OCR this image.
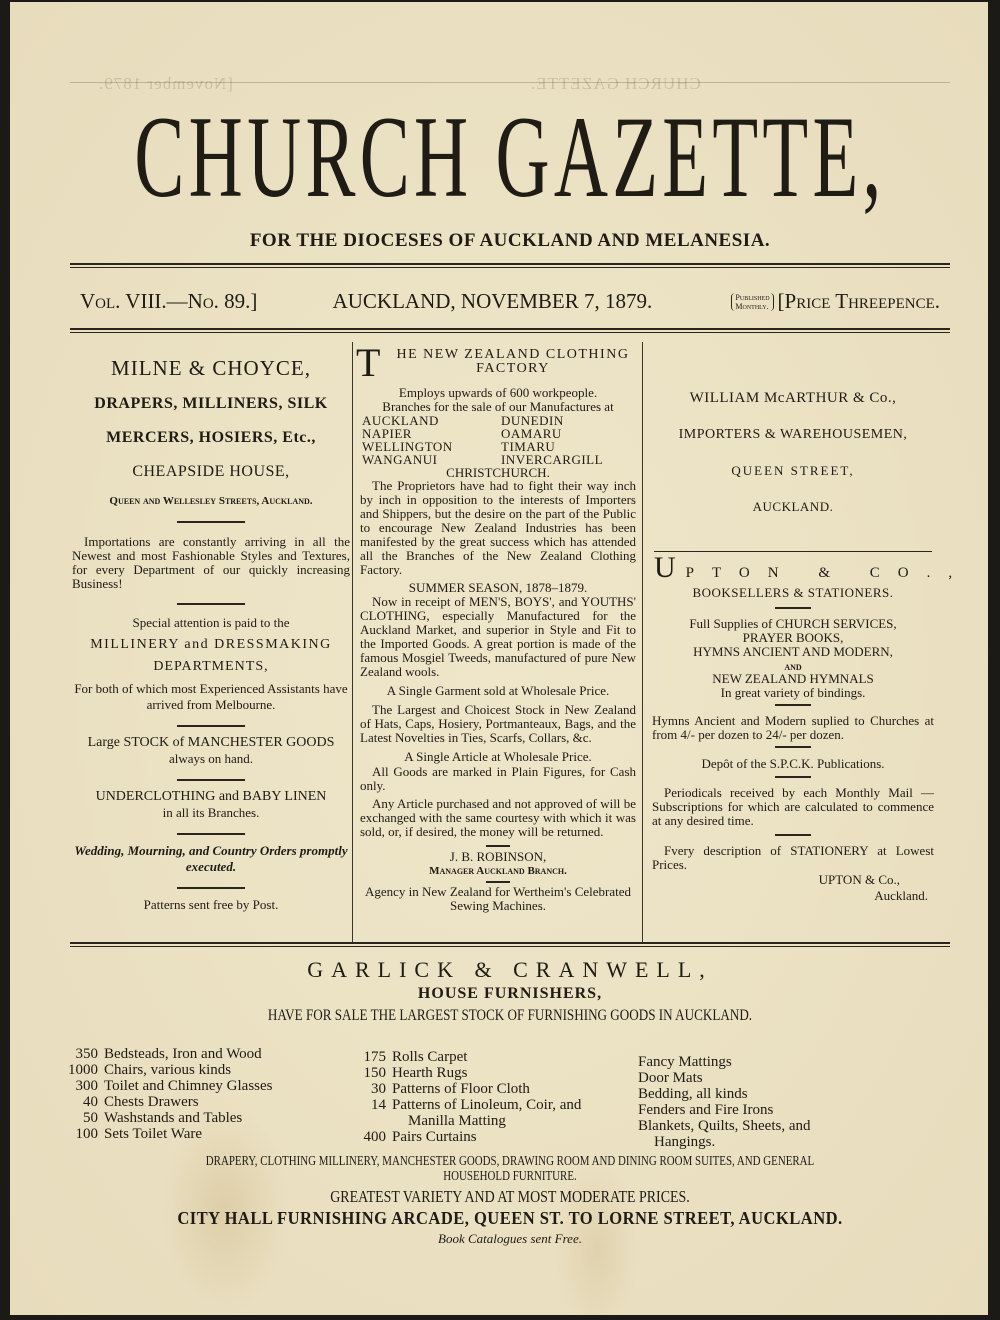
CHURCH GAZETTE.
[November 1879.
CHURCH GAZETTE,
FOR THE DIOCESES OF AUCKLAND AND MELANESIA.
Vol. VIII.—No. 89.]	AUCKLAND, NOVEMBER 7, 1879.	Published
Monthly. [Price Threepence.
MILNE & CHOYCE,
DRAPERS, MILLINERS, SILK
MERCERS, HOSIERS, Etc.,
CHEAPSIDE HOUSE,
Queen and Wellesley Streets, Auckland.
Importations are constantly arriving in all the Newest and most Fashionable Styles and Textures, for every Department of our quickly increasing Business!
Special attention is paid to the
MILLINERY and DRESSMAKING
DEPARTMENTS,
For both of which most Experienced Assistants have arrived from Melbourne.
Large STOCK of MANCHESTER GOODS
always on hand.
UNDERCLOTHING and BABY LINEN
in all its Branches.
Wedding, Mourning, and Country Orders promptly executed.
Patterns sent free by Post.
T HE NEW ZEALAND CLOTHING FACTORY
Employs upwards of 600 workpeople.
Branches for the sale of our Manufactures at
AUCKLAND	DUNEDIN
NAPIER	OAMARU
WELLINGTON	TIMARU
WANGANUI	INVERCARGILL
CHRISTCHURCH.
The Proprietors have had to fight their way inch by inch in opposition to the interests of Importers and Shippers, but the desire on the part of the Public to encourage New Zealand Industries has been manifested by the great success which has attended all the Branches of the New Zealand Clothing Factory.
SUMMER SEASON, 1878–1879.
Now in receipt of MEN'S, BOYS', and YOUTHS' CLOTHING, especially Manufactured for the Auckland Market, and superior in Style and Fit to the Imported Goods. A great portion is made of the famous Mosgiel Tweeds, manufactured of pure New Zealand wools.
A Single Garment sold at Wholesale Price.
The Largest and Choicest Stock in New Zealand of Hats, Caps, Hosiery, Portmanteaux, Bags, and the Latest Novelties in Ties, Scarfs, Collars, &c.
A Single Article at Wholesale Price.
All Goods are marked in Plain Figures, for Cash only.
Any Article purchased and not approved of will be exchanged with the same courtesy with which it was sold, or, if desired, the money will be returned.
J. B. ROBINSON,
Manager Auckland Branch.
Agency in New Zealand for Wertheim's Celebrated Sewing Machines.
WILLIAM McARTHUR & Co.,
IMPORTERS & WAREHOUSEMEN,
QUEEN STREET,
AUCKLAND.
UPTON & CO.,
BOOKSELLERS & STATIONERS.
Full Supplies of CHURCH SERVICES,
PRAYER BOOKS,
HYMNS ANCIENT AND MODERN,
AND
NEW ZEALAND HYMNALS
In great variety of bindings.
Hymns Ancient and Modern suplied to Churches at from 4/- per dozen to 24/- per dozen.
Depôt of the S.P.C.K. Publications.
Periodicals received by each Monthly Mail —Subscriptions for which are calculated to commence at any desired time.
Fvery description of STATIONERY at Lowest Prices.
UPTON & Co.,
Auckland.
GARLICK & CRANWELL,
HOUSE FURNISHERS,
HAVE FOR SALE THE LARGEST STOCK OF FURNISHING GOODS IN AUCKLAND.
350 Bedsteads, Iron and Wood
1000 Chairs, various kinds
300 Toilet and Chimney Glasses
40 Chests Drawers
50 Washstands and Tables
100 Sets Toilet Ware
175 Rolls Carpet
150 Hearth Rugs
30 Patterns of Floor Cloth
14 Patterns of Linoleum, Coir, and
Manilla Matting
400 Pairs Curtains
Fancy Mattings
Door Mats
Bedding, all kinds
Fenders and Fire Irons
Blankets, Quilts, Sheets, and
Hangings.
DRAPERY, CLOTHING MILLINERY, MANCHESTER GOODS, DRAWING ROOM AND DINING ROOM SUITES, AND GENERAL
HOUSEHOLD FURNITURE.
GREATEST VARIETY AND AT MOST MODERATE PRICES.
CITY HALL FURNISHING ARCADE, QUEEN ST. TO LORNE STREET, AUCKLAND.
Book Catalogues sent Free.
